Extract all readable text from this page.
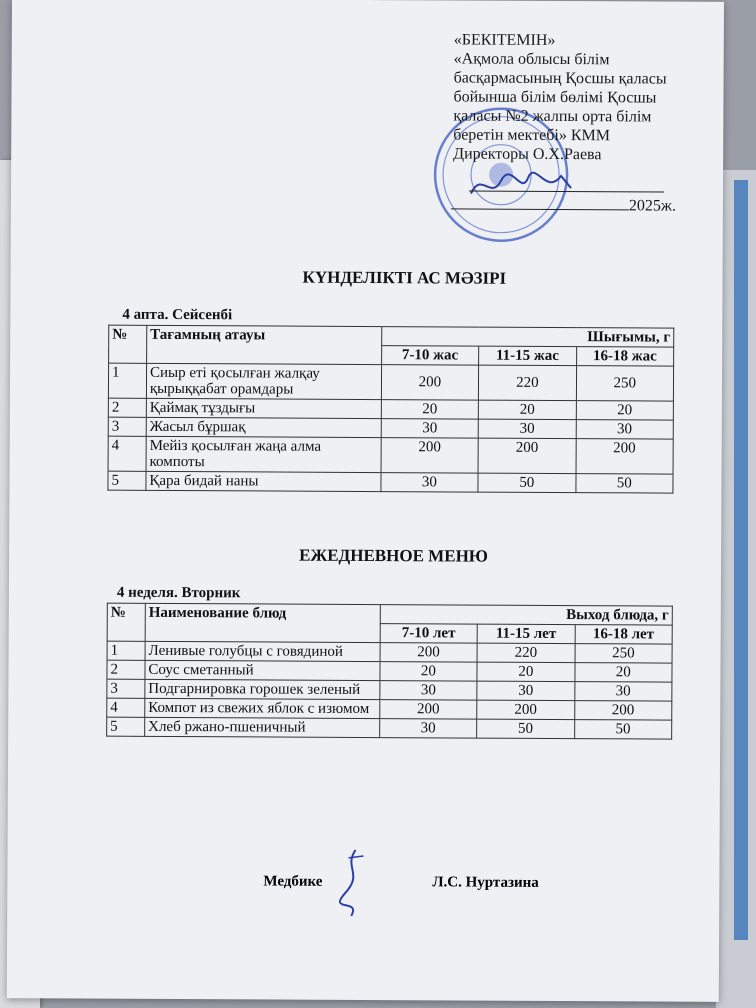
«БЕКІТЕМІН»
«Ақмола облысы білім
басқармасының Қосшы қаласы
бойынша білім бөлімі Қосшы
қаласы №2 жалпы орта білім
беретін мектебі» КММ
Директоры О.Х.Раева
2025ж.
КҮНДЕЛІКТІ АС МӘЗІРІ
4 апта. Сейсенбі
№	Тағамның атауы	Шығымы, г		
		7-10 жас	11-15 жас	16-18 жас
1	Сиыр еті қосылған жалқау қырыққабат орамдары	200	220	250
2	Қаймақ тұздығы	20	20	20
3	Жасыл бұршақ	30	30	30
4	Мейіз қосылған жаңа алма компоты	200	200	200
5	Қара бидай наны	30	50	50
ЕЖЕДНЕВНОЕ МЕНЮ
4 неделя. Вторник
№	Наименование блюд	Выход блюда, г		
		7-10 лет	11-15 лет	16-18 лет
1	Ленивые голубцы с говядиной	200	220	250
2	Соус сметанный	20	20	20
3	Подгарнировка горошек зеленый	30	30	30
4	Компот из свежих яблок с изюмом	200	200	200
5	Хлеб ржано-пшеничный	30	50	50
Медбике	Л.С. Нуртазина
